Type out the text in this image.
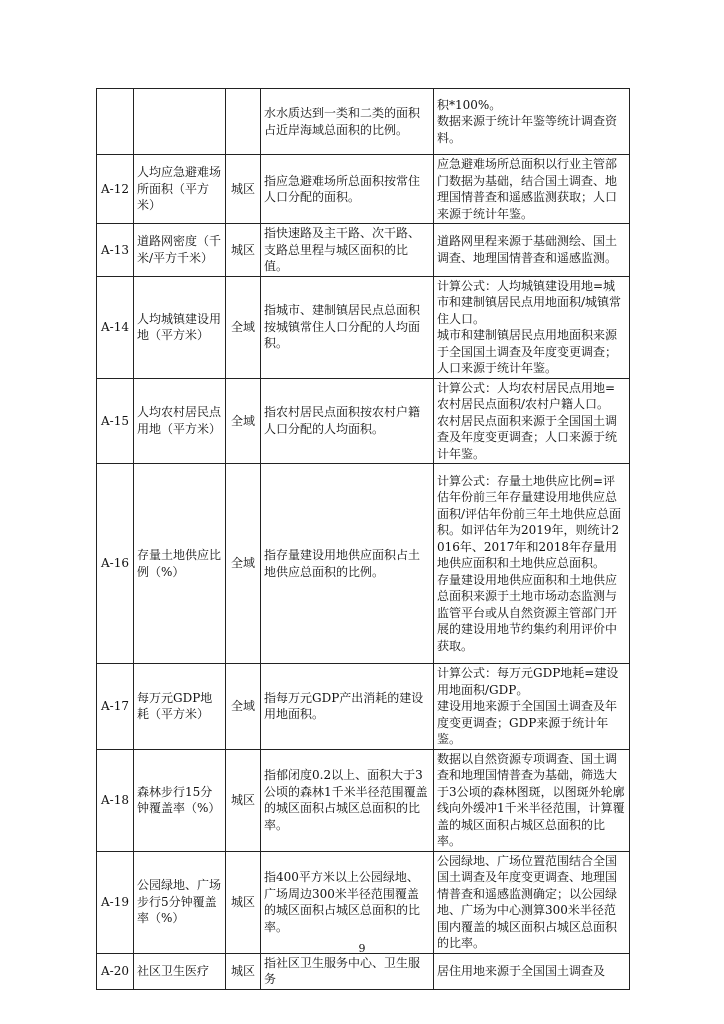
			水水质达到一类和二类的面积占近岸海域总面积的比例。	积*100%。
数据来源于统计年鉴等统计调查资料。

A-12	人均应急避难场所面积（平方米）	城区	指应急避难场所总面积按常住人口分配的面积。	应急避难场所总面积以行业主管部门数据为基础，结合国土调查、地理国情普查和遥感监测获取；人口来源于统计年鉴。

A-13	道路网密度（千米/平方千米）	城区	指快速路及主干路、次干路、支路总里程与城区面积的比值。	道路网里程来源于基础测绘、国土调查、地理国情普查和遥感监测。

A-14	人均城镇建设用地（平方米）	全域	指城市、建制镇居民点总面积按城镇常住人口分配的人均面积。	计算公式：人均城镇建设用地=城市和建制镇居民点用地面积/城镇常住人口。
城市和建制镇居民点用地面积来源于全国国土调查及年度变更调查；人口来源于统计年鉴。

A-15	人均农村居民点用地（平方米）	全域	指农村居民点面积按农村户籍人口分配的人均面积。	计算公式：人均农村居民点用地=农村居民点面积/农村户籍人口。
农村居民点面积来源于全国国土调查及年度变更调查；人口来源于统计年鉴。

A-16	存量土地供应比例（%）	全域	指存量建设用地供应面积占土地供应总面积的比例。	计算公式：存量土地供应比例=评估年份前三年存量建设用地供应总面积/评估年份前三年土地供应总面积。如评估年为2019年，则统计2016年、2017年和2018年存量用地供应面积和土地供应总面积。
存量建设用地供应面积和土地供应总面积来源于土地市场动态监测与监管平台或从自然资源主管部门开展的建设用地节约集约利用评价中获取。

A-17	每万元GDP地耗（平方米）	全域	指每万元GDP产出消耗的建设用地面积。	计算公式：每万元GDP地耗=建设用地面积/GDP。
建设用地来源于全国国土调查及年度变更调查；GDP来源于统计年鉴。

A-18	森林步行15分钟覆盖率（%）	城区	指郁闭度0.2以上、面积大于3公顷的森林1千米半径范围覆盖的城区面积占城区总面积的比率。	数据以自然资源专项调查、国土调查和地理国情普查为基础，筛选大于3公顷的森林图斑，以图斑外轮廓线向外缓冲1千米半径范围，计算覆盖的城区面积占城区总面积的比率。

A-19	公园绿地、广场步行5分钟覆盖率（%）	城区	指400平方米以上公园绿地、广场周边300米半径范围覆盖的城区面积占城区总面积的比率。	公园绿地、广场位置范围结合全国国土调查及年度变更调查、地理国情普查和遥感监测确定；以公园绿地、广场为中心测算300米半径范围内覆盖的城区面积占城区总面积的比率。

A-20	社区卫生医疗	城区	指社区卫生服务中心、卫生服务	居住用地来源于全国国土调查及
9
